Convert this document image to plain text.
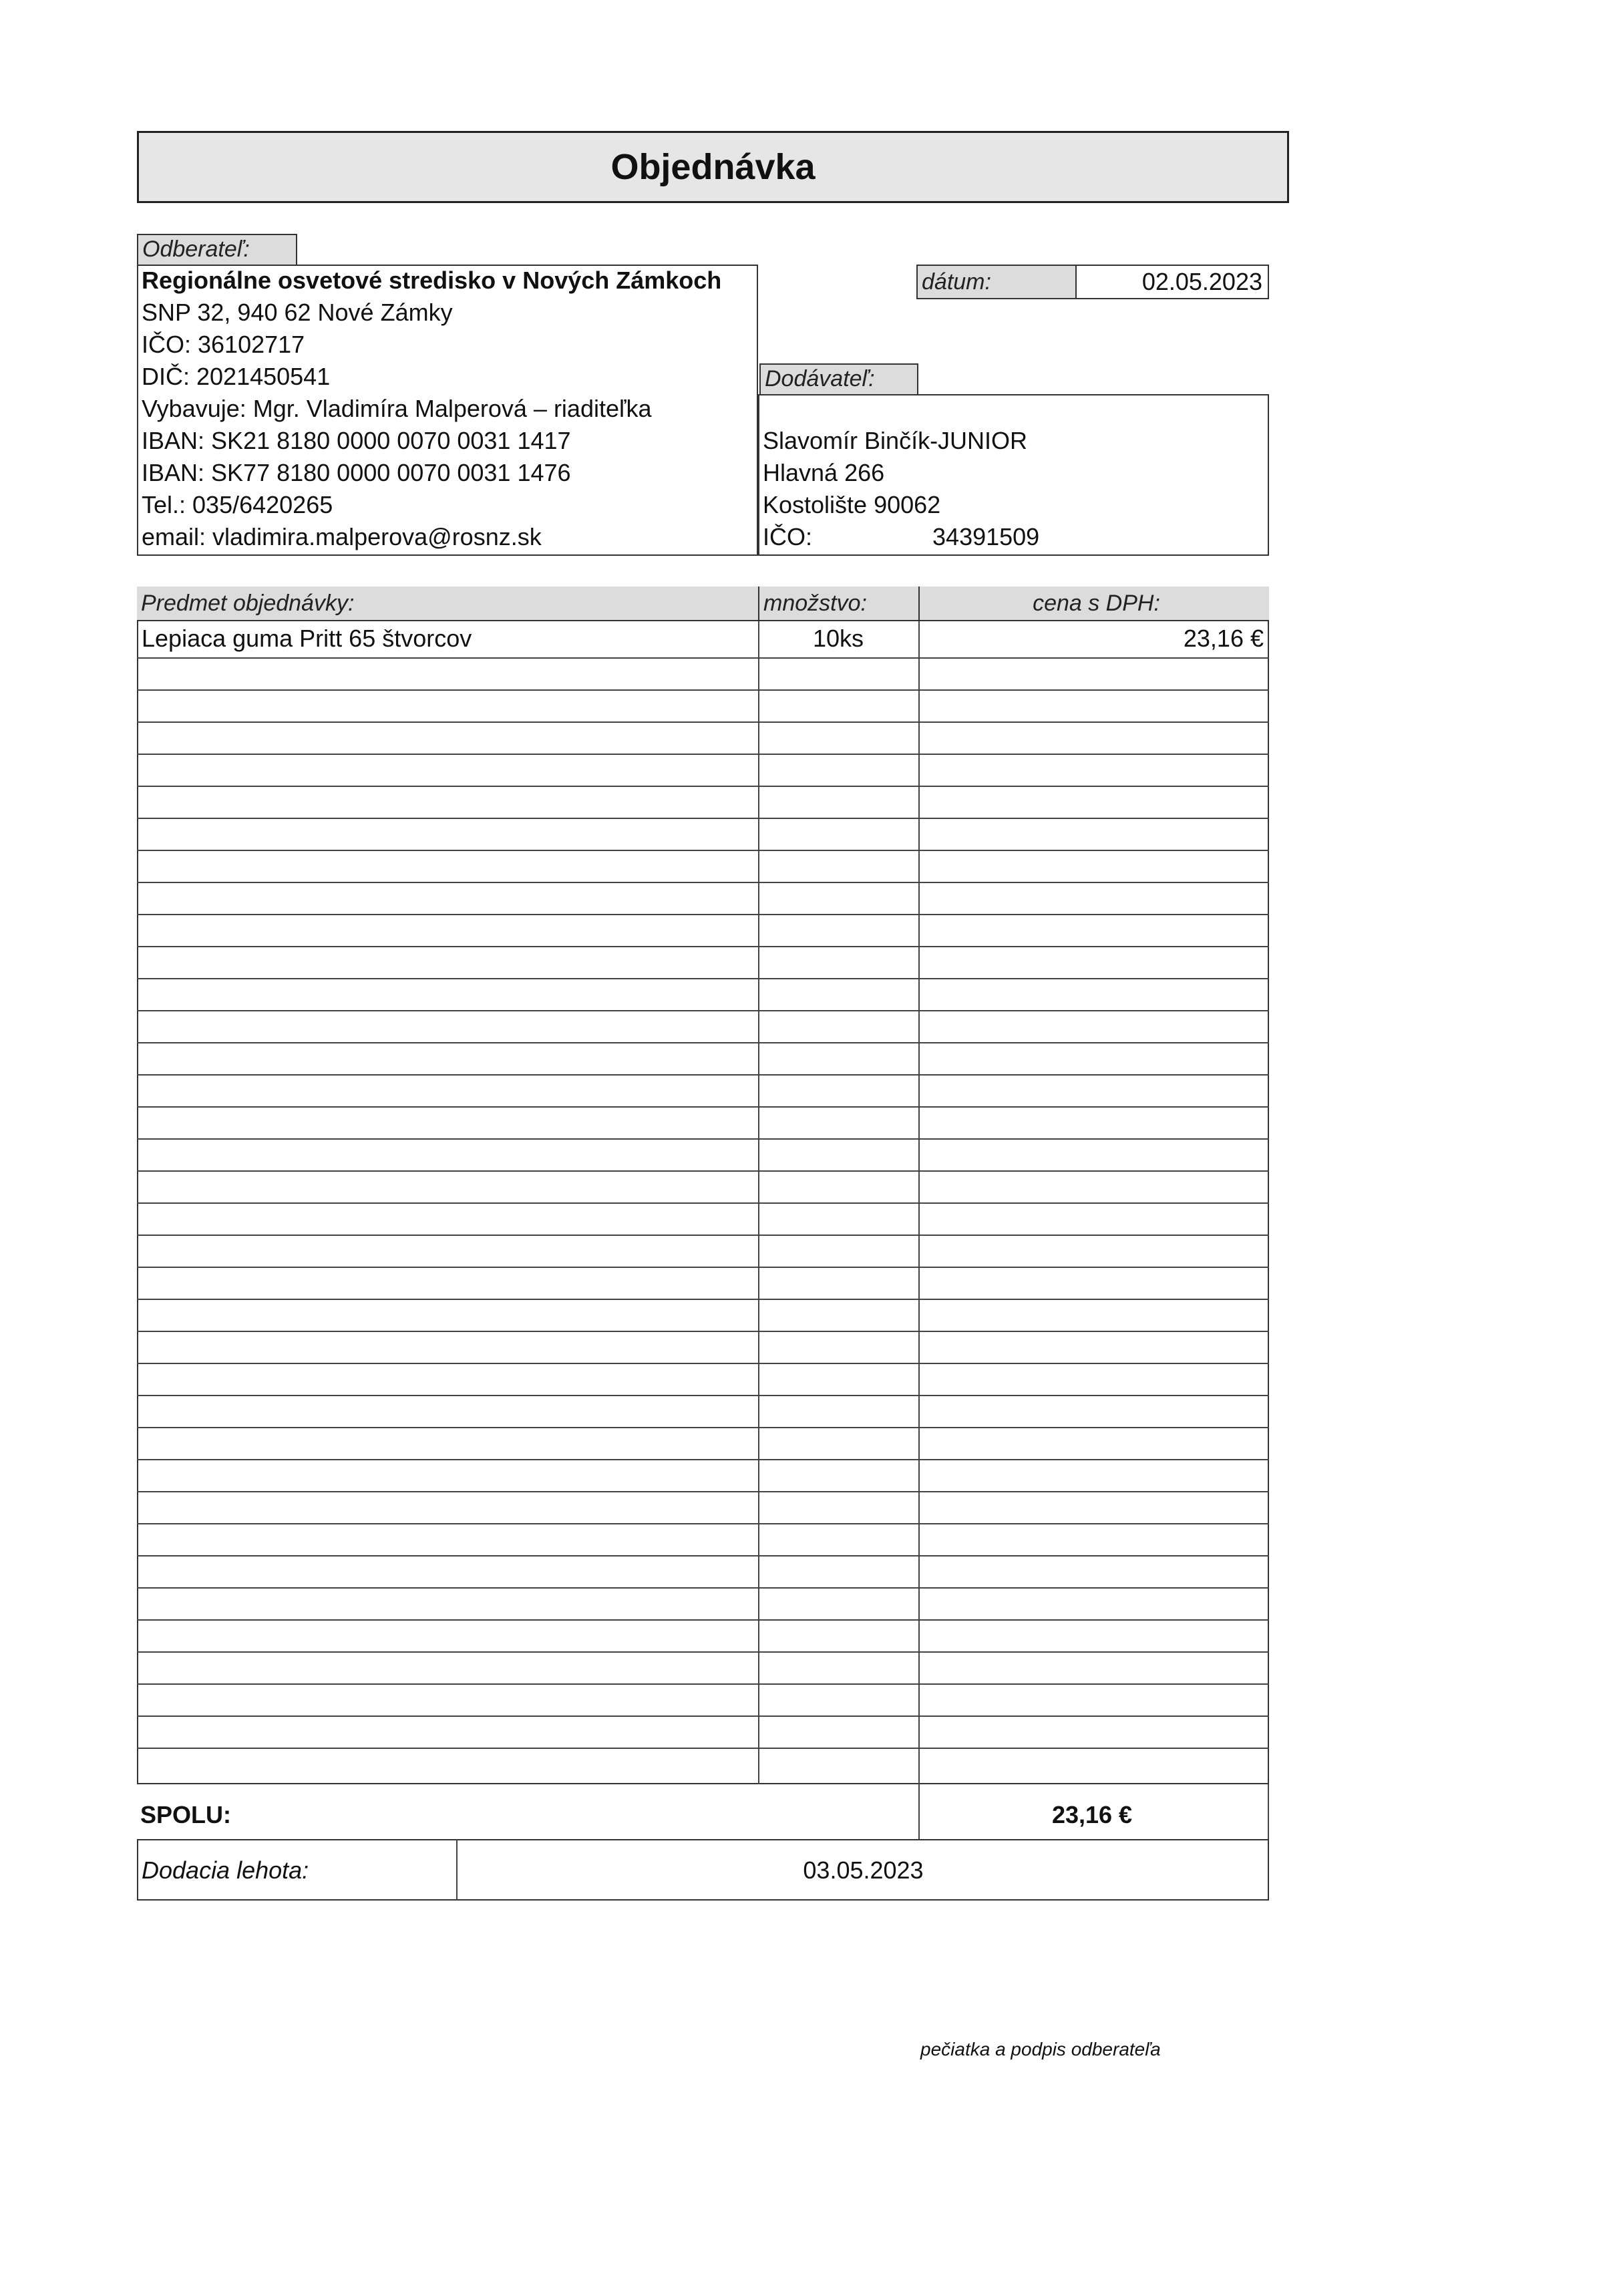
Objednávka
Odberateľ:
Regionálne osvetové stredisko v Nových Zámkoch
SNP 32, 940 62 Nové Zámky
IČO: 36102717
DIČ: 2021450541
Vybavuje: Mgr. Vladimíra Malperová – riaditeľka
IBAN: SK21 8180 0000 0070 0031 1417
IBAN: SK77 8180 0000 0070 0031 1476
Tel.: 035/6420265
email: vladimira.malperova@rosnz.sk
dátum:	02.05.2023
Dodávateľ:
Slavomír Binčík-JUNIOR
Hlavná 266
Kostolište 90062
IČO:	34391509
Predmet objednávky:	množstvo:	cena s DPH:
Lepiaca guma Pritt 65 štvorcov	10ks	23,16 €
SPOLU:	23,16 €
Dodacia lehota:	03.05.2023
pečiatka a podpis odberateľa
